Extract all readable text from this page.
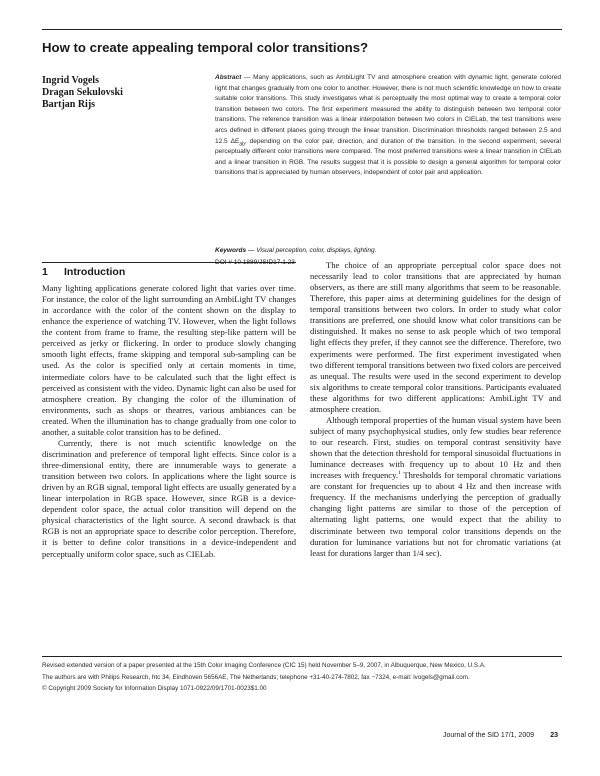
How to create appealing temporal color transitions?
Ingrid Vogels
Dragan Sekulovski
Bartjan Rijs

Abstract — Many applications, such as AmbiLight TV and atmosphere creation with dynamic light, generate colored light that changes gradually from one color to another. However, there is not much scientific knowledge on how to create suitable color transitions. This study investigates what is perceptually the most optimal way to create a temporal color transition between two colors. The first experiment measured the ability to distinguish between two temporal color transitions. The reference transition was a linear interpolation between two colors in CIELab, the test transitions were arcs defined in different planes going through the linear transition. Discrimination thresholds ranged between 2.5 and 12.5 $\Delta E_{ab}$, depending on the color pair, direction, and duration of the transition. In the second experiment, several perceptually different color transitions were compared. The most preferred transitions were a linear transition in CIELab and a linear transition in RGB. The results suggest that it is possible to design a general algorithm for temporal color transitions that is appreciated by human observers, independent of color pair and application.

Keywords — Visual perception, color, displays, lighting.

1 Introduction

Many lighting applications generate colored light that varies over time. For instance, the color of the light surrounding an AmbiLight TV changes in accordance with the color of the content shown on the display to enhance the experience of watching TV. However, when the light follows the content from frame to frame, the resulting step-like pattern will be perceived as jerky or flickering. In order to produce slowly changing smooth light effects, frame skipping and temporal sub-sampling can be used. As the color is specified only at certain moments in time, intermediate colors have to be calculated such that the light effect is perceived as consistent with the video. Dynamic light can also be used for atmosphere creation. By changing the color of the illumination of environments, such as shops or theatres, various ambiances can be created. When the illumination has to change gradually from one color to another, a suitable color transition has to be defined.

Currently, there is not much scientific knowledge on the discrimination and preference of temporal light effects. Since color is a three-dimensional entity, there are innumerable ways to generate a transition between two colors. In applications where the light source is driven by an RGB signal, temporal light effects are usually generated by a linear interpolation in RGB space. However, since RGB is a device-dependent color space, the actual color transition will depend on the physical characteristics of the light source. A second drawback is that RGB is not an appropriate space to describe color perception. Therefore, it is better to define color transitions in a device-independent and perceptually uniform color space, such as CIELab.

The choice of an appropriate perceptual color space does not necessarily lead to color transitions that are appreciated by human observers, as there are still many algorithms that seem to be reasonable. Therefore, this paper aims at determining guidelines for the design of temporal transitions between two colors. In order to study what color transitions are preferred, one should know what color transitions can be distinguished. It makes no sense to ask people which of two temporal light effects they prefer, if they cannot see the difference. Therefore, two experiments were performed. The first experiment investigated when two different temporal transitions between two fixed colors are perceived as unequal. The results were used in the second experiment to develop six algorithms to create temporal color transitions. Participants evaluated these algorithms for two different applications: AmbiLight TV and atmosphere creation.

Although temporal properties of the human visual system have been subject of many psychophysical studies, only few studies bear reference to our research. First, studies on temporal contrast sensitivity have shown that the detection threshold for temporal sinusoidal fluctuations in luminance decreases with frequency up to about 10 Hz and then increases with frequency.$^1$ Thresholds for temporal chromatic variations are constant for frequencies up to about 4 Hz and then increase with frequency. If the mechanisms underlying the perception of gradually changing light patterns are similar to those of the perception of alternating light patterns, one would expect that the ability to discriminate between two temporal color transitions depends on the duration for luminance variations but not for chromatic variations (at least for durations larger than 1/4 sec).

Revised extended version of a paper presented at the 15th Color Imaging Conference (CIC 15) held November 5–9, 2007, in Albuquerque, New Mexico, U.S.A.

The authors are with Philips Research, htc 34, Eindhoven 5656AE, The Netherlands; telephone +31-40-274-7802, fax −7324, e-mail: ivogels@gmail.com.

© Copyright 2009 Society for Information Display 1071-0922/09/1701-0023$1.00

Journal of the SID 17/1, 2009 23
